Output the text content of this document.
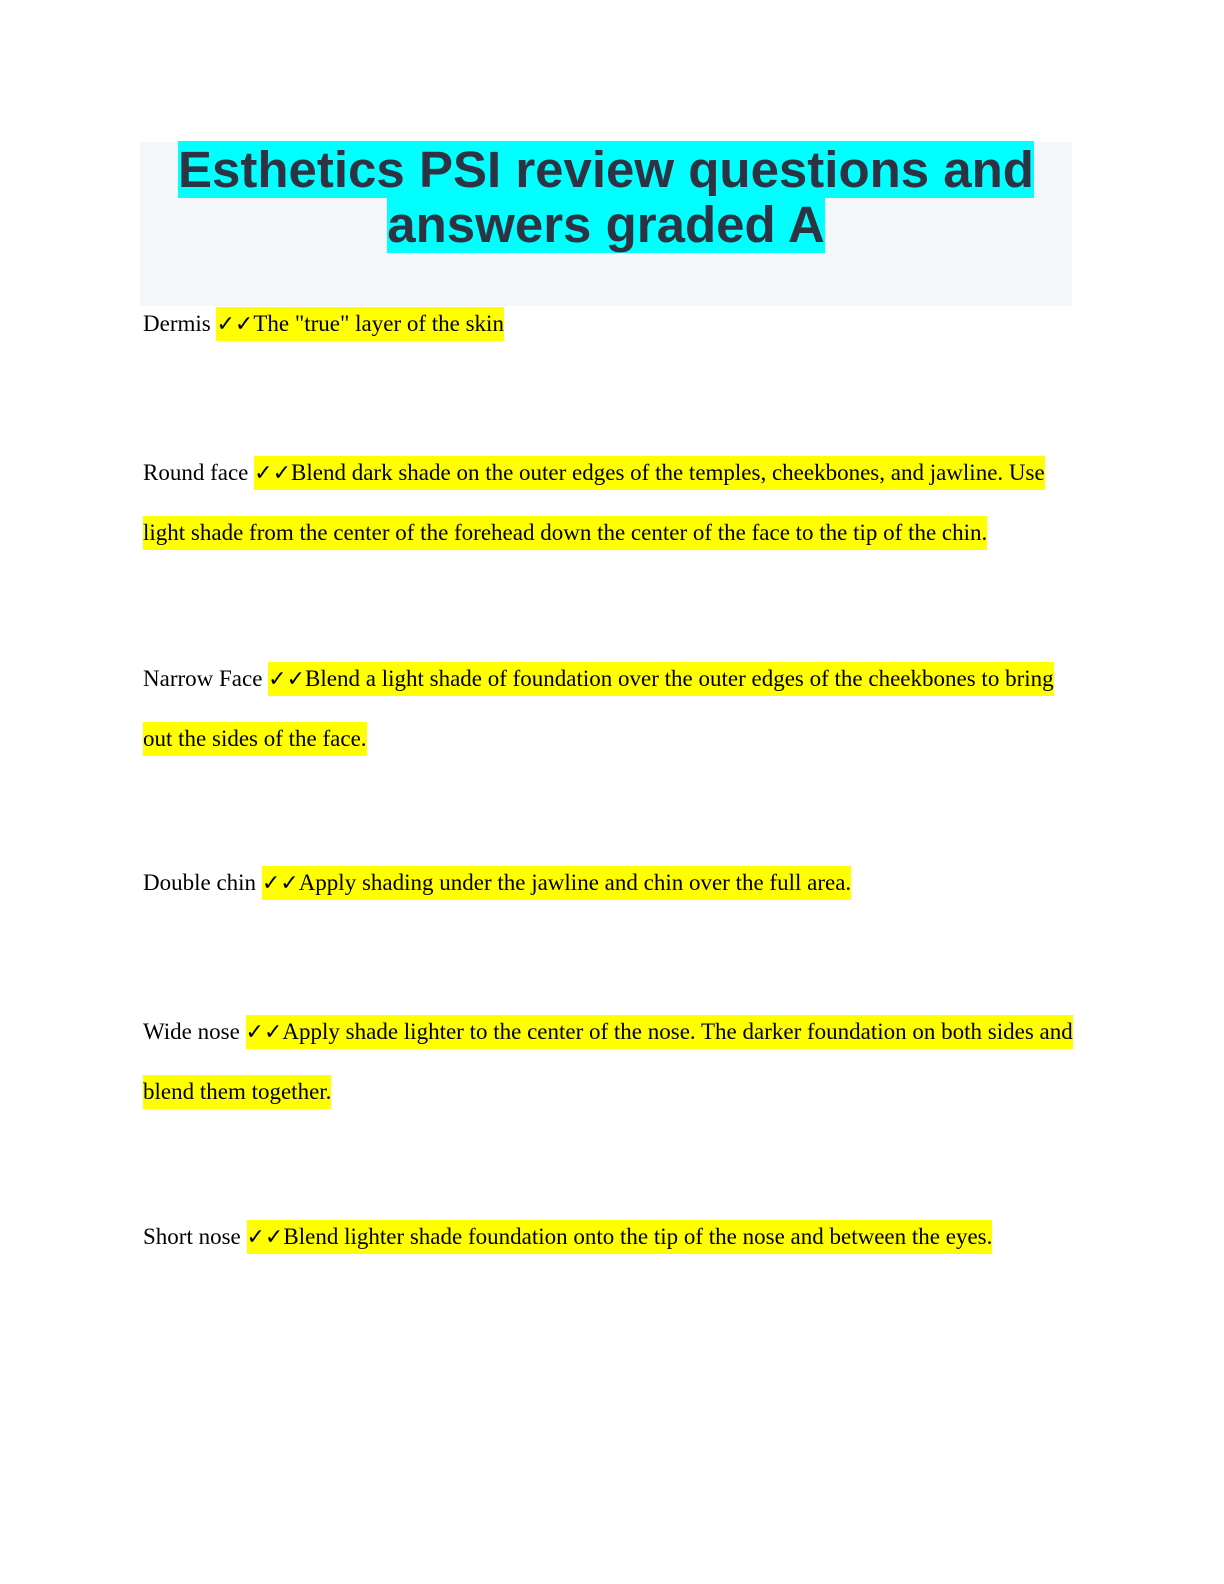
Esthetics PSI review questions and answers graded A

Dermis ✓✓The "true" layer of the skin

Round face ✓✓Blend dark shade on the outer edges of the temples, cheekbones, and jawline. Use light shade from the center of the forehead down the center of the face to the tip of the chin.

Narrow Face ✓✓Blend a light shade of foundation over the outer edges of the cheekbones to bring out the sides of the face.

Double chin ✓✓Apply shading under the jawline and chin over the full area.

Wide nose ✓✓Apply shade lighter to the center of the nose. The darker foundation on both sides and blend them together.

Short nose ✓✓Blend lighter shade foundation onto the tip of the nose and between the eyes.
